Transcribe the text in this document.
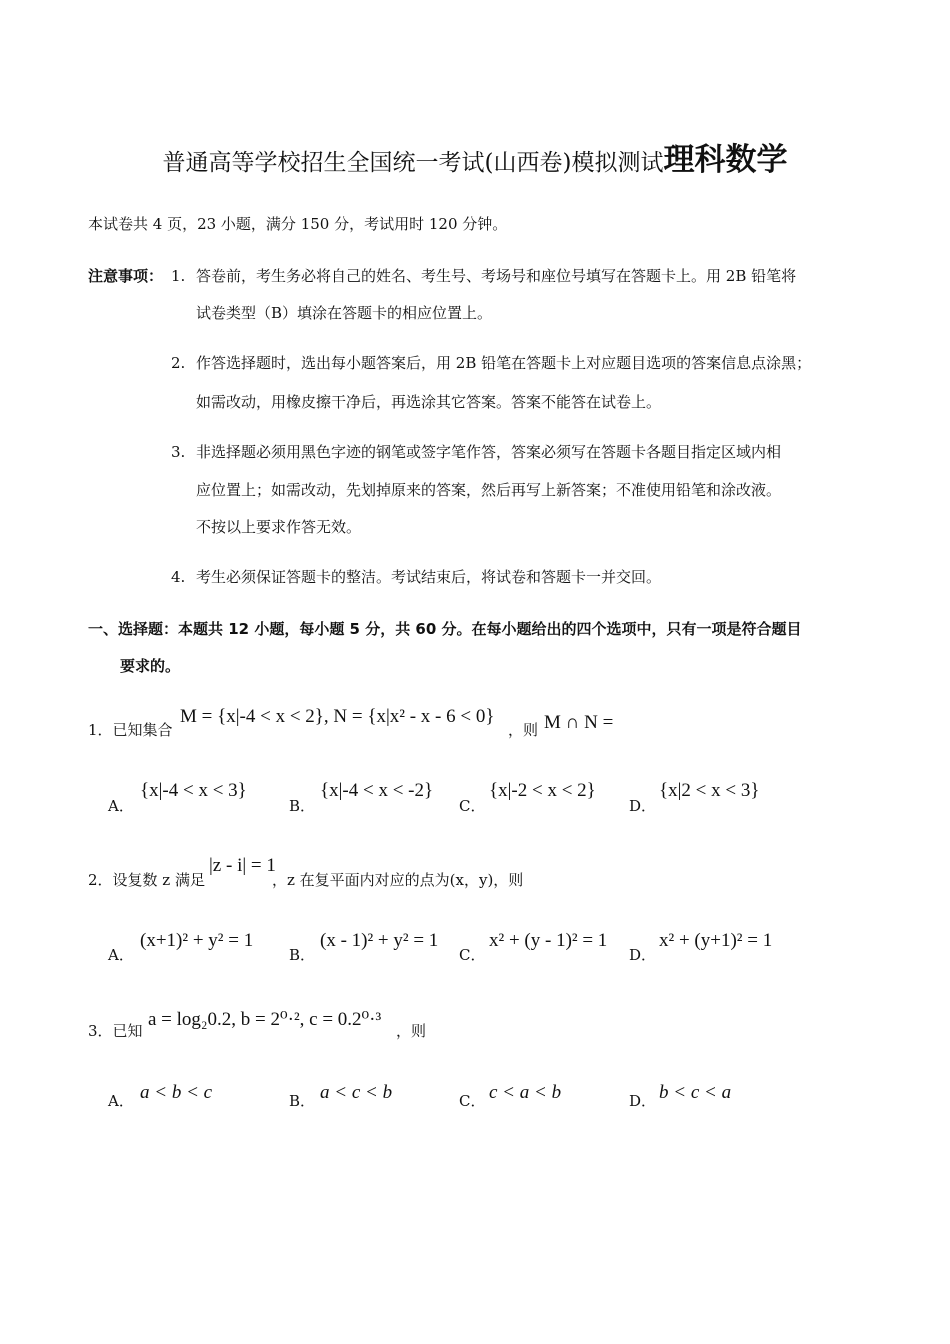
普通高等学校招生全国统一考试(山西卷)模拟测试理科数学
本试卷共 4 页，23 小题，满分 150 分，考试用时 120 分钟。
注意事项： 1. 答卷前，考生务必将自己的姓名、考生号、考场号和座位号填写在答题卡上。用 2B 铅笔将
试卷类型（B）填涂在答题卡的相应位置上。
2. 作答选择题时，选出每小题答案后，用 2B 铅笔在答题卡上对应题目选项的答案信息点涂黑；
如需改动，用橡皮擦干净后，再选涂其它答案。答案不能答在试卷上。
3. 非选择题必须用黑色字迹的钢笔或签字笔作答，答案必须写在答题卡各题目指定区域内相
应位置上；如需改动，先划掉原来的答案，然后再写上新答案；不准使用铅笔和涂改液。
不按以上要求作答无效。
4. 考生必须保证答题卡的整洁。考试结束后，将试卷和答题卡一并交回。
一、选择题：本题共 12 小题，每小题 5 分，共 60 分。在每小题给出的四个选项中，只有一项是符合题目
要求的。
1．已知集合
M = {x|‑4 < x < 2}, N = {x|x² ‑ x ‑ 6 < 0}
，则 M ∩ N =
A．
{x|‑4 < x < 3}
B．
{x|‑4 < x < ‑2}
C．
{x|‑2 < x < 2}
D．
{x|2 < x < 3}
2．设复数 z 满足
|z ‑ i| = 1
，z 在复平面内对应的点为(x，y)，则
A．
(x+1)² + y² = 1
B．
(x ‑ 1)² + y² = 1
C．
x² + (y ‑ 1)² = 1
D．
x² + (y+1)² = 1
3．已知
a = log₂0.2, b = 2⁰·², c = 0.2⁰·³
，则
A． a < b < c	B． a < c < b	C． c < a < b	D． b < c < a
